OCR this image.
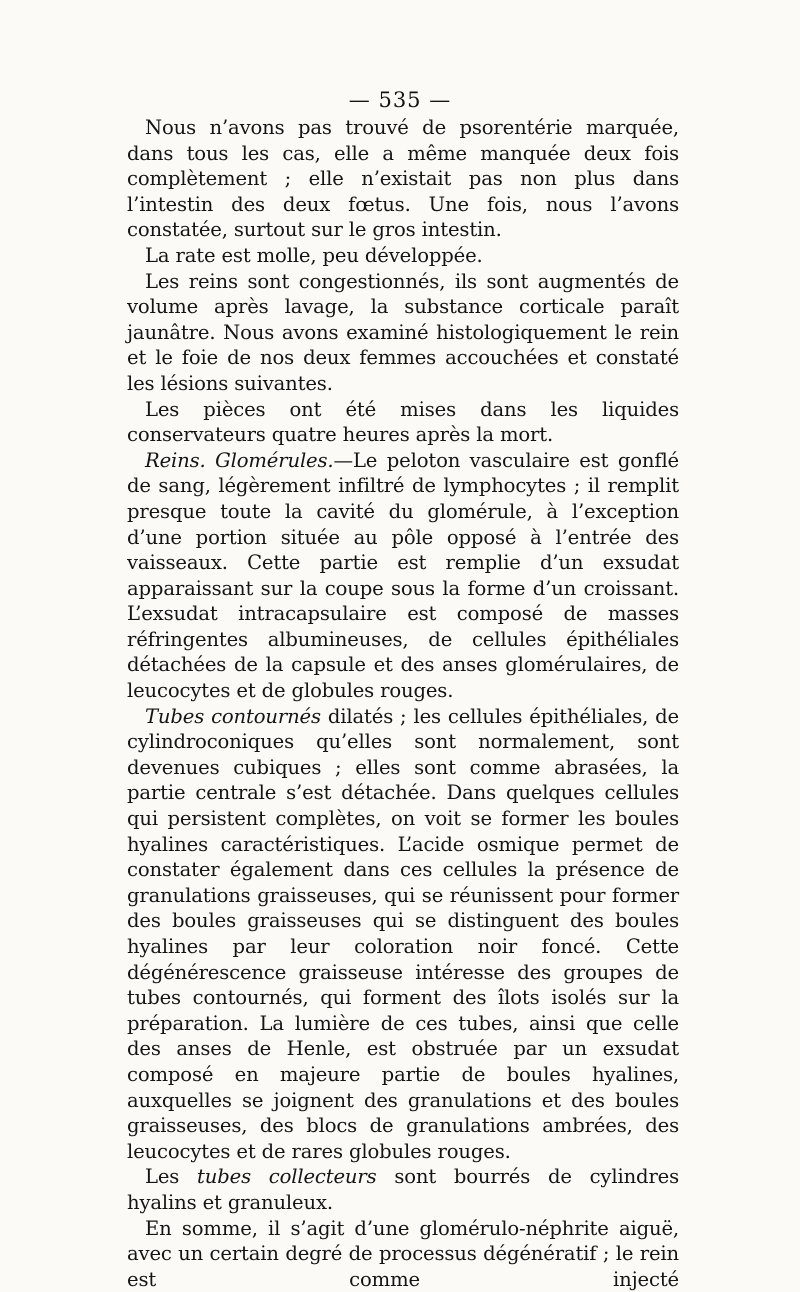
— 535 —

Nous n’avons pas trouvé de psorentérie marquée, dans tous les cas, elle a même manquée deux fois complètement ; elle n’existait pas non plus dans l’intestin des deux fœtus. Une fois, nous l’avons constatée, surtout sur le gros intestin.

La rate est molle, peu développée.

Les reins sont congestionnés, ils sont augmentés de volume après lavage, la substance corticale paraît jaunâtre. Nous avons examiné histologiquement le rein et le foie de nos deux femmes accouchées et constaté les lésions suivantes.

Les pièces ont été mises dans les liquides conservateurs quatre heures après la mort.

Reins. Glomérules.—Le peloton vasculaire est gonflé de sang, légèrement infiltré de lymphocytes ; il remplit presque toute la cavité du glomérule, à l’exception d’une portion située au pôle opposé à l’entrée des vaisseaux. Cette partie est remplie d’un exsudat apparaissant sur la coupe sous la forme d’un croissant. L’exsudat intracapsulaire est composé de masses réfringentes albumineuses, de cellules épithéliales détachées de la capsule et des anses glomérulaires, de leucocytes et de globules rouges.

Tubes contournés dilatés ; les cellules épithéliales, de cylindroconiques qu’elles sont normalement, sont devenues cubiques ; elles sont comme abrasées, la partie centrale s’est détachée. Dans quelques cellules qui persistent complètes, on voit se former les boules hyalines caractéristiques. L’acide osmique permet de constater également dans ces cellules la présence de granulations graisseuses, qui se réunissent pour former des boules graisseuses qui se distinguent des boules hyalines par leur coloration noir foncé. Cette dégénérescence graisseuse intéresse des groupes de tubes contournés, qui forment des îlots isolés sur la préparation. La lumière de ces tubes, ainsi que celle des anses de Henle, est obstruée par un exsudat composé en majeure partie de boules hyalines, auxquelles se joignent des granulations et des boules graisseuses, des blocs de granulations ambrées, des leucocytes et de rares globules rouges.

Les tubes collecteurs sont bourrés de cylindres hyalins et granuleux.

En somme, il s’agit d’une glomérulo-néphrite aiguë, avec un certain degré de processus dégénératif ; le rein est comme injecté
